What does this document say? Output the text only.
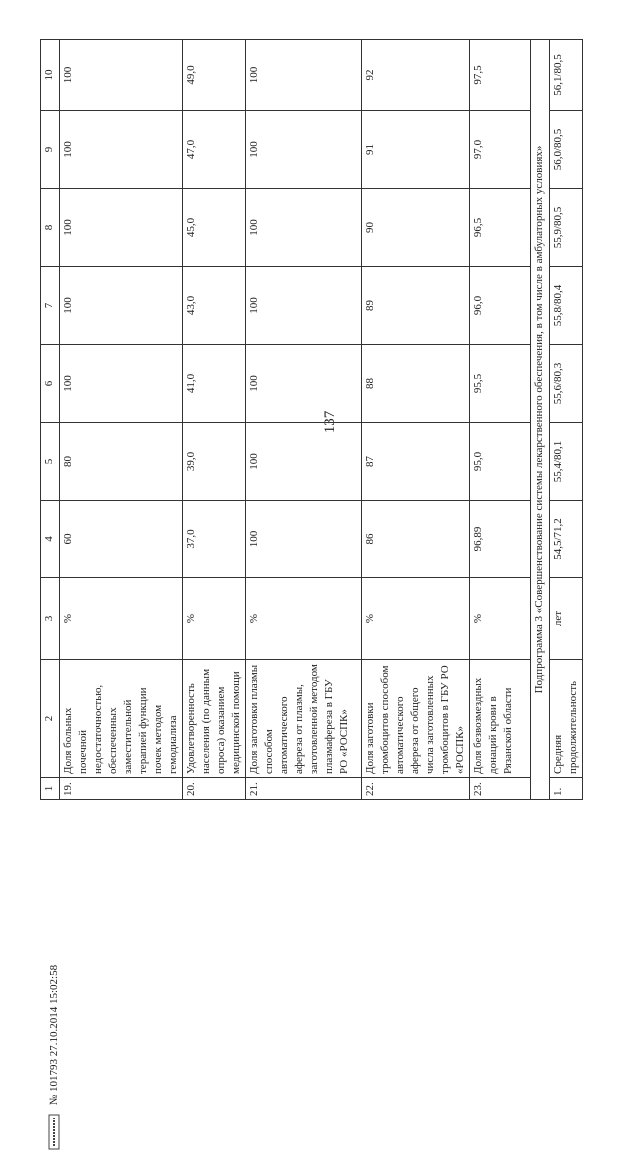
137
1	2	3	4	5	6	7	8	9	10
19.	Доля больных почечной недостаточностью, обеспеченных заместительной терапией функции почек методом гемодиализа	%	60	80	100	100	100	100	100
20.	Удовлетворенность населения (по данным опроса) оказанием медицинской помощи	%	37,0	39,0	41,0	43,0	45,0	47,0	49,0
21.	Доля заготовки плазмы способом автоматического афереза от плазмы, заготовленной методом плазмафереза в ГБУ РО «РОСПК»	%	100	100	100	100	100	100	100
22.	Доля заготовки тромбоцитов способом автоматического афереза от общего числа заготовленных тромбоцитов в ГБУ РО «РОСПК»	%	86	87	88	89	90	91	92
23.	Доля безвозмездных донаций крови в Рязанской области	%	96,89	95,0	95,5	96,0	96,5	97,0	97,5
Подпрограмма 3 «Совершенствование системы лекарственного обеспечения, в том числе в амбулаторных условиях»									
1.	Средняя продолжительность	лет	54,5/71,2	55,4/80,1	55,6/80,3	55,8/80,4	55,9/80,5	56,0/80,5	56,1/80,5
№ 101793 27.10.2014 15:02:58
